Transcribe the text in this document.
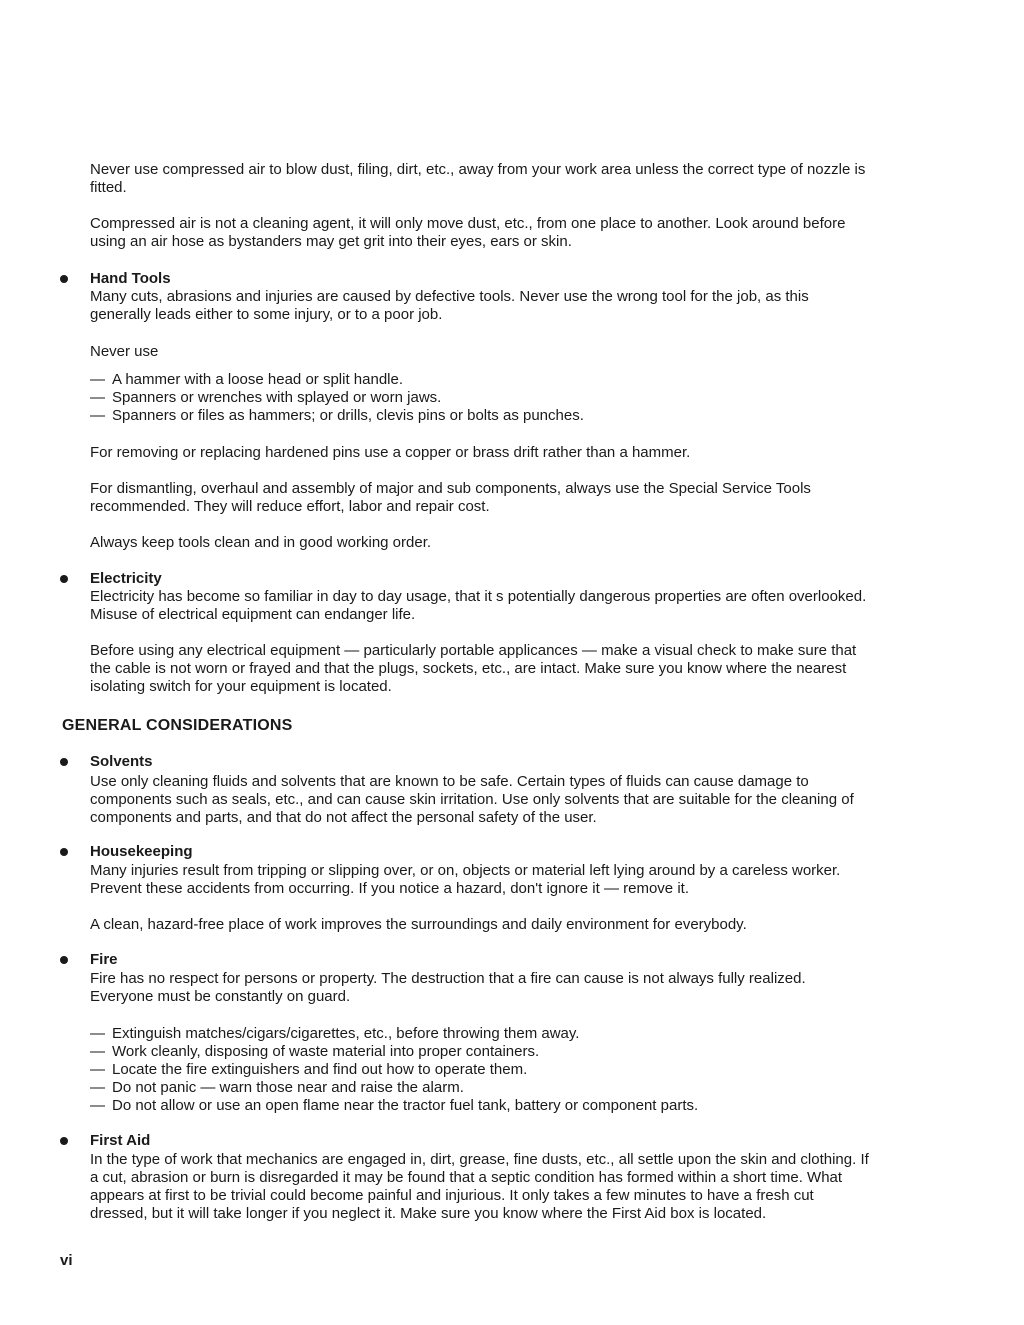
Never use compressed air to blow dust, filing, dirt, etc., away from your work area unless the correct type of nozzle is fitted.

Compressed air is not a cleaning agent, it will only move dust, etc., from one place to another. Look around before using an air hose as bystanders may get grit into their eyes, ears or skin.

Hand Tools

Many cuts, abrasions and injuries are caused by defective tools. Never use the wrong tool for the job, as this generally leads either to some injury, or to a poor job.

Never use

— A hammer with a loose head or split handle.
— Spanners or wrenches with splayed or worn jaws.
— Spanners or files as hammers; or drills, clevis pins or bolts as punches.

For removing or replacing hardened pins use a copper or brass drift rather than a hammer.

For dismantling, overhaul and assembly of major and sub components, always use the Special Service Tools recommended. They will reduce effort, labor and repair cost.

Always keep tools clean and in good working order.

Electricity

Electricity has become so familiar in day to day usage, that it s potentially dangerous properties are often overlooked. Misuse of electrical equipment can endanger life.

Before using any electrical equipment — particularly portable applicances — make a visual check to make sure that the cable is not worn or frayed and that the plugs, sockets, etc., are intact. Make sure you know where the nearest isolating switch for your equipment is located.

GENERAL CONSIDERATIONS

Solvents

Use only cleaning fluids and solvents that are known to be safe. Certain types of fluids can cause damage to components such as seals, etc., and can cause skin irritation. Use only solvents that are suitable for the cleaning of components and parts, and that do not affect the personal safety of the user.

Housekeeping

Many injuries result from tripping or slipping over, or on, objects or material left lying around by a careless worker. Prevent these accidents from occurring. If you notice a hazard, don't ignore it — remove it.

A clean, hazard-free place of work improves the surroundings and daily environment for everybody.

Fire

Fire has no respect for persons or property. The destruction that a fire can cause is not always fully realized. Everyone must be constantly on guard.

— Extinguish matches/cigars/cigarettes, etc., before throwing them away.
— Work cleanly, disposing of waste material into proper containers.
— Locate the fire extinguishers and find out how to operate them.
— Do not panic — warn those near and raise the alarm.
— Do not allow or use an open flame near the tractor fuel tank, battery or component parts.

First Aid

In the type of work that mechanics are engaged in, dirt, grease, fine dusts, etc., all settle upon the skin and clothing. If a cut, abrasion or burn is disregarded it may be found that a septic condition has formed within a short time. What appears at first to be trivial could become painful and injurious. It only takes a few minutes to have a fresh cut dressed, but it will take longer if you neglect it. Make sure you know where the First Aid box is located.

vi
